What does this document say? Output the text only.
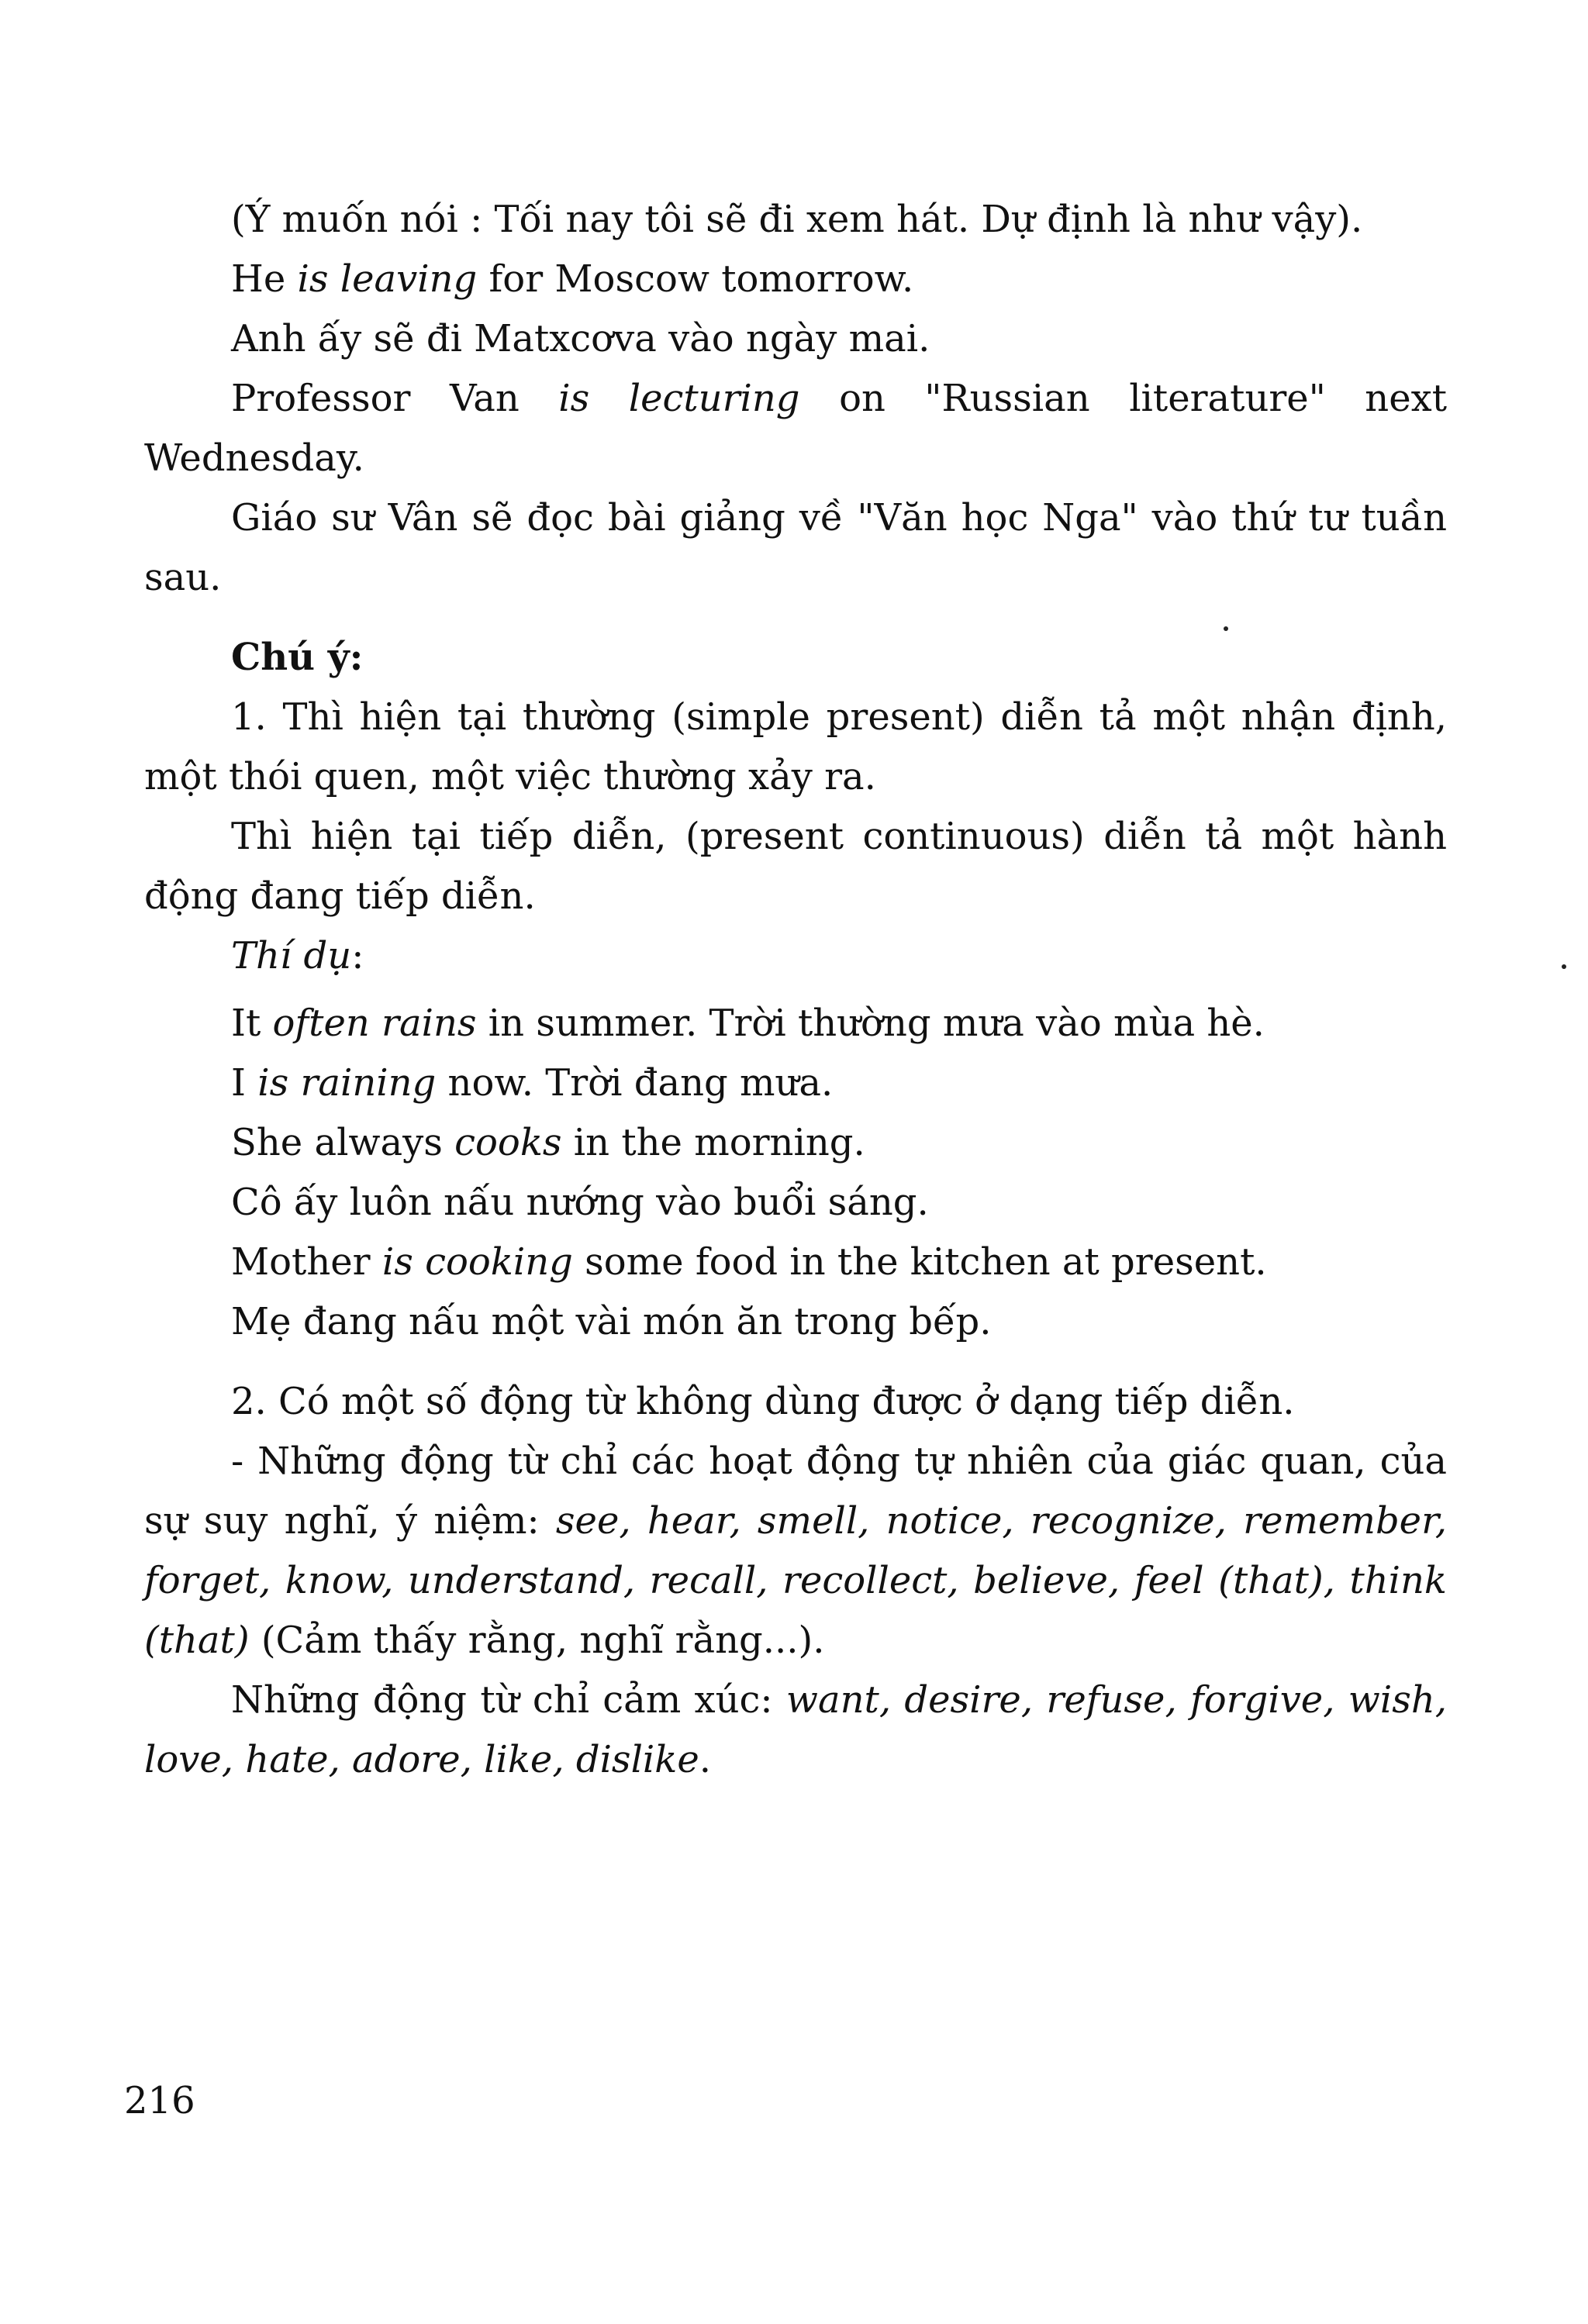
(Ý muốn nói : Tối nay tôi sẽ đi xem hát. Dự định là như vậy).

He is leaving for Moscow tomorrow.

Anh ấy sẽ đi Matxcơva vào ngày mai.

Professor Van is lecturing on "Russian literature" next Wednesday.

Giáo sư Vân sẽ đọc bài giảng về "Văn học Nga" vào thứ tư tuần sau.

Chú ý:

1. Thì hiện tại thường (simple present) diễn tả một nhận định, một thói quen, một việc thường xảy ra.

Thì hiện tại tiếp diễn, (present continuous) diễn tả một hành động đang tiếp diễn.

Thí dụ:

It often rains in summer. Trời thường mưa vào mùa hè.

I is raining now. Trời đang mưa.

She always cooks in the morning.

Cô ấy luôn nấu nướng vào buổi sáng.

Mother is cooking some food in the kitchen at present.

Mẹ đang nấu một vài món ăn trong bếp.

2. Có một số động từ không dùng được ở dạng tiếp diễn.

- Những động từ chỉ các hoạt động tự nhiên của giác quan, của sự suy nghĩ, ý niệm: see, hear, smell, notice, recognize, remember, forget, know, understand, recall, recollect, believe, feel (that), think (that) (Cảm thấy rằng, nghĩ rằng...).

Những động từ chỉ cảm xúc: want, desire, refuse, forgive, wish, love, hate, adore, like, dislike.

216
